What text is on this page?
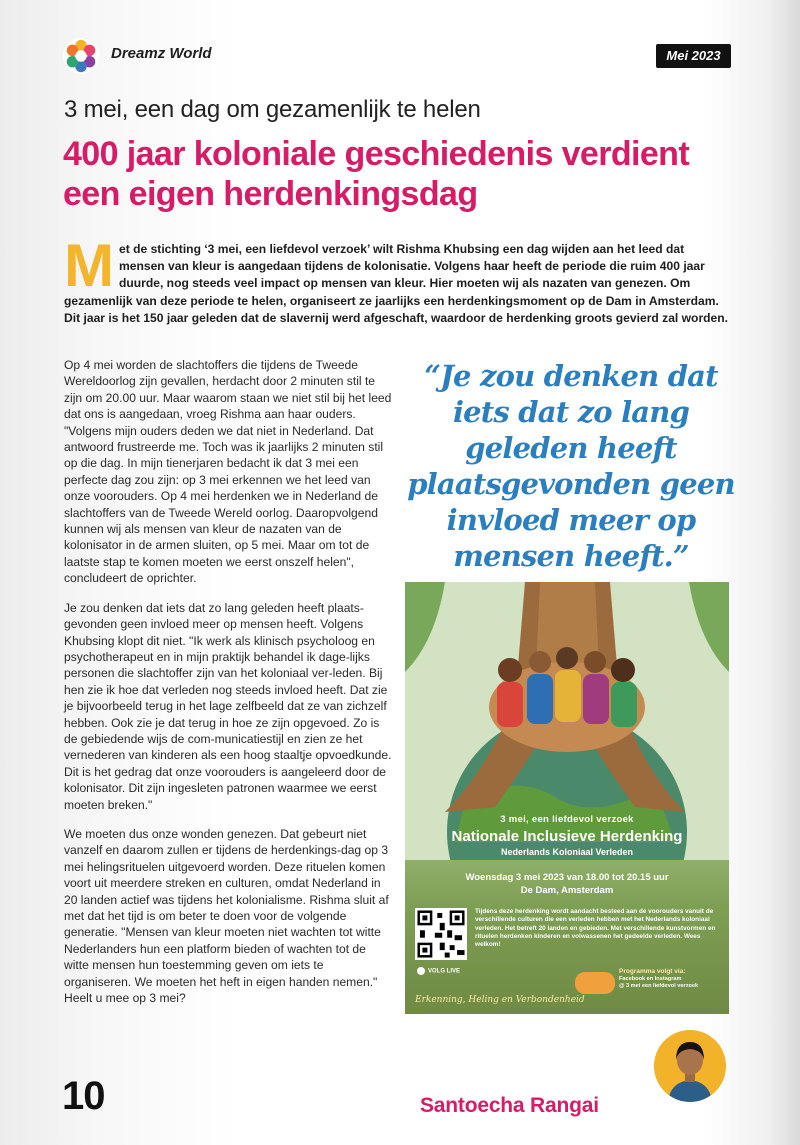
Dreamz World	Mei 2023
3 mei, een dag om gezamenlijk te helen
400 jaar koloniale geschiedenis verdient een eigen herdenkingsdag
Met de stichting ‘3 mei, een liefdevol verzoek’ wilt Rishma Khubsing een dag wijden aan het leed dat mensen van kleur is aangedaan tijdens de kolonisatie. Volgens haar heeft de periode die ruim 400 jaar duurde, nog steeds veel impact op mensen van kleur. Hier moeten wij als nazaten van genezen. Om gezamenlijk van deze periode te helen, organiseert ze jaarlijks een herdenkingsmoment op de Dam in Amsterdam. Dit jaar is het 150 jaar geleden dat de slavernij werd afgeschaft, waardoor de herdenking groots gevierd zal worden.

Op 4 mei worden de slachtoffers die tijdens de Tweede Wereldoorlog zijn gevallen, herdacht door 2 minuten stil te zijn om 20.00 uur. Maar waarom staan we niet stil bij het leed dat ons is aangedaan, vroeg Rishma aan haar ouders. "Volgens mijn ouders deden we dat niet in Nederland. Dat antwoord frustreerde me. Toch was ik jaarlijks 2 minuten stil op die dag. In mijn tienerjaren bedacht ik dat 3 mei een perfecte dag zou zijn: op 3 mei erkennen we het leed van onze voorouders. Op 4 mei herdenken we in Nederland de slachtoffers van de Tweede Wereld oorlog. Daaropvolgend kunnen wij als mensen van kleur de nazaten van de kolonisator in de armen sluiten, op 5 mei. Maar om tot de laatste stap te komen moeten we eerst onszelf helen", concludeert de oprichter.

Je zou denken dat iets dat zo lang geleden heeft plaats-gevonden geen invloed meer op mensen heeft. Volgens Khubsing klopt dit niet. "Ik werk als klinisch psycholoog en psychotherapeut en in mijn praktijk behandel ik dage-lijks personen die slachtoffer zijn van het koloniaal ver-leden. Bij hen zie ik hoe dat verleden nog steeds invloed heeft. Dat zie je bijvoorbeeld terug in het lage zelfbeeld dat ze van zichzelf hebben. Ook zie je dat terug in hoe ze zijn opgevoed. Zo is de gebiedende wijs de com-municatiestijl en zien ze het vernederen van kinderen als een hoog staaltje opvoedkunde. Dit is het gedrag dat onze voorouders is aangeleerd door de kolonisator. Dit zijn ingesleten patronen waarmee we eerst moeten breken."

We moeten dus onze wonden genezen. Dat gebeurt niet vanzelf en daarom zullen er tijdens de herdenkings-dag op 3 mei helingsrituelen uitgevoerd worden. Deze rituelen komen voort uit meerdere streken en culturen, omdat Nederland in 20 landen actief was tijdens het kolonialisme. Rishma sluit af met dat het tijd is om beter te doen voor de volgende generatie. "Mensen van kleur moeten niet wachten tot witte Nederlanders hun een platform bieden of wachten tot de witte mensen hun toestemming geven om iets te organiseren. We moeten het heft in eigen handen nemen." Heelt u mee op 3 mei?

“Je zou denken dat iets dat zo lang geleden heeft plaatsgevonden geen invloed meer op mensen heeft.”
3 mei, een liefdevol verzoek
Nationale Inclusieve Herdenking
Nederlands Koloniaal Verleden
Woensdag 3 mei 2023 van 18.00 tot 20.15 uur
De Dam, Amsterdam
Tijdens deze herdenking wordt aandacht besteed aan de voorouders vanuit de verschillende culturen die een verleden hebben met het Nederlands koloniaal verleden. Het betreft 20 landen en gebieden. Met verschillende kunstvormen en rituelen herdenken kinderen en volwassenen het gedeelde verleden. Wees welkom!
VOLG LIVE	Programma volgt via:
Facebook en Instagram
@ 3 mei een liefdevol verzoek
Erkenning, Heling en Verbondenheid
10	Santoecha Rangai
